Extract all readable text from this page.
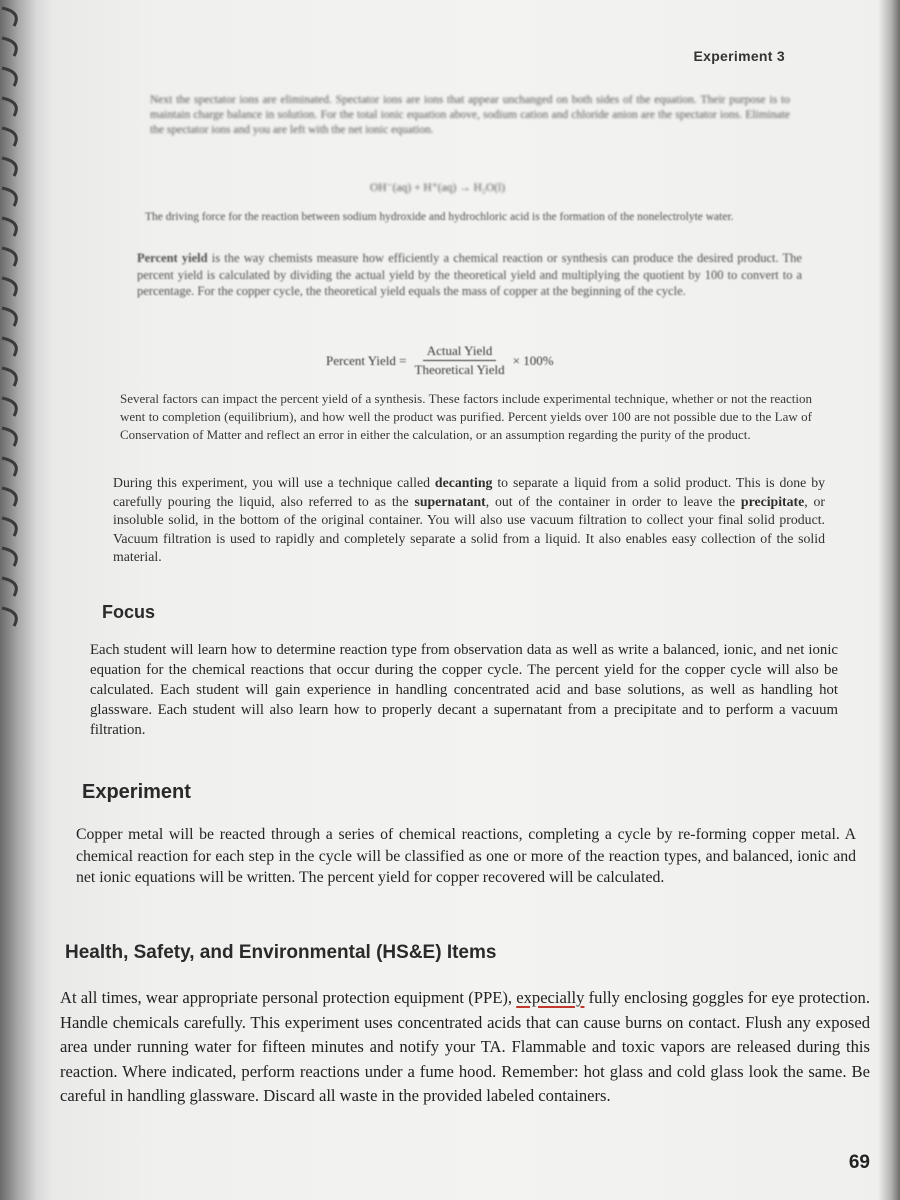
Experiment 3

Next the spectator ions are eliminated. Spectator ions are ions that appear unchanged on both sides of the equation. Their purpose is to maintain charge balance in solution. For the total ionic equation above, sodium cation and chloride anion are the spectator ions. Eliminate the spectator ions and you are left with the net ionic equation.

OH⁻(aq) + H⁺(aq) → H₂O(l)

The driving force for the reaction between sodium hydroxide and hydrochloric acid is the formation of the nonelectrolyte water.

Percent yield is the way chemists measure how efficiently a chemical reaction or synthesis can produce the desired product. The percent yield is calculated by dividing the actual yield by the theoretical yield and multiplying the quotient by 100 to convert to a percentage. For the copper cycle, the theoretical yield equals the mass of copper at the beginning of the cycle.

Percent Yield = $\frac{\text{Actual Yield}}{\text{Theoretical Yield}} \times 100\%$

Several factors can impact the percent yield of a synthesis. These factors include experimental technique, whether or not the reaction went to completion (equilibrium), and how well the product was purified. Percent yields over 100 are not possible due to the Law of Conservation of Matter and reflect an error in either the calculation, or an assumption regarding the purity of the product.

During this experiment, you will use a technique called decanting to separate a liquid from a solid product. This is done by carefully pouring the liquid, also referred to as the supernatant, out of the container in order to leave the precipitate, or insoluble solid, in the bottom of the original container. You will also use vacuum filtration to collect your final solid product. Vacuum filtration is used to rapidly and completely separate a solid from a liquid. It also enables easy collection of the solid material.

Focus

Each student will learn how to determine reaction type from observation data as well as write a balanced, ionic, and net ionic equation for the chemical reactions that occur during the copper cycle. The percent yield for the copper cycle will also be calculated. Each student will gain experience in handling concentrated acid and base solutions, as well as handling hot glassware. Each student will also learn how to properly decant a supernatant from a precipitate and to perform a vacuum filtration.

Experiment

Copper metal will be reacted through a series of chemical reactions, completing a cycle by re-forming copper metal. A chemical reaction for each step in the cycle will be classified as one or more of the reaction types, and balanced, ionic and net ionic equations will be written. The percent yield for copper recovered will be calculated.

Health, Safety, and Environmental (HS&E) Items

At all times, wear appropriate personal protection equipment (PPE), expecially fully enclosing goggles for eye protection. Handle chemicals carefully. This experiment uses concentrated acids that can cause burns on contact. Flush any exposed area under running water for fifteen minutes and notify your TA. Flammable and toxic vapors are released during this reaction. Where indicated, perform reactions under a fume hood. Remember: hot glass and cold glass look the same. Be careful in handling glassware. Discard all waste in the provided labeled containers.

69
